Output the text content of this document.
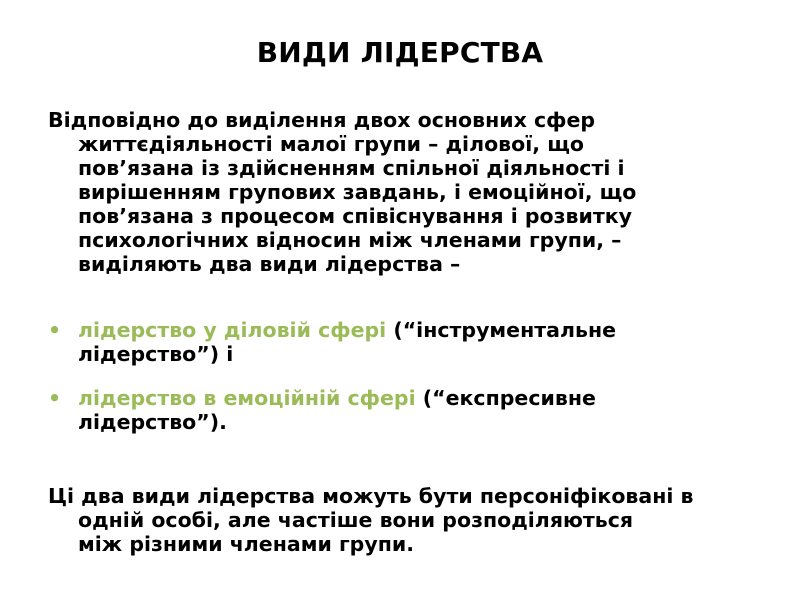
ВИДИ ЛІДЕРСТВА
Відповідно до виділення двох основних сфер
життєдіяльності малої групи – ділової, що
пов’язана із здійсненням спільної діяльності і
вирішенням групових завдань, і емоційної, що
пов’язана з процесом співіснування і розвитку
психологічних відносин між членами групи, –
виділяють два види лідерства –
• лідерство у діловій сфері (“інструментальне
лідерство”) і
• лідерство в емоційній сфері (“експресивне
лідерство”).
Ці два види лідерства можуть бути персоніфіковані в
одній особі, але частіше вони розподіляються
між різними членами групи.
